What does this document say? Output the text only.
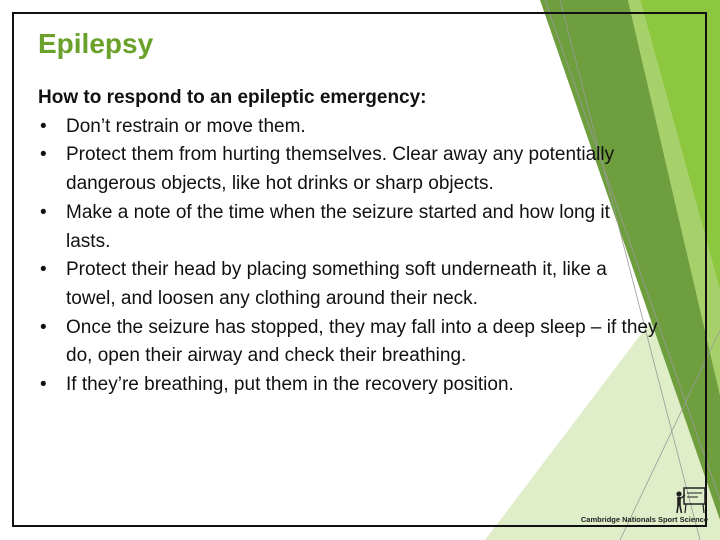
Epilepsy
How to respond to an epileptic emergency:
• Don’t restrain or move them.
• Protect them from hurting themselves. Clear away any potentially dangerous objects, like hot drinks or sharp objects.
• Make a note of the time when the seizure started and how long it lasts.
• Protect their head by placing something soft underneath it, like a towel, and loosen any clothing around their neck.
• Once the seizure has stopped, they may fall into a deep sleep – if they do, open their airway and check their breathing.
• If they’re breathing, put them in the recovery position.
Cambridge Nationals Sport Science
